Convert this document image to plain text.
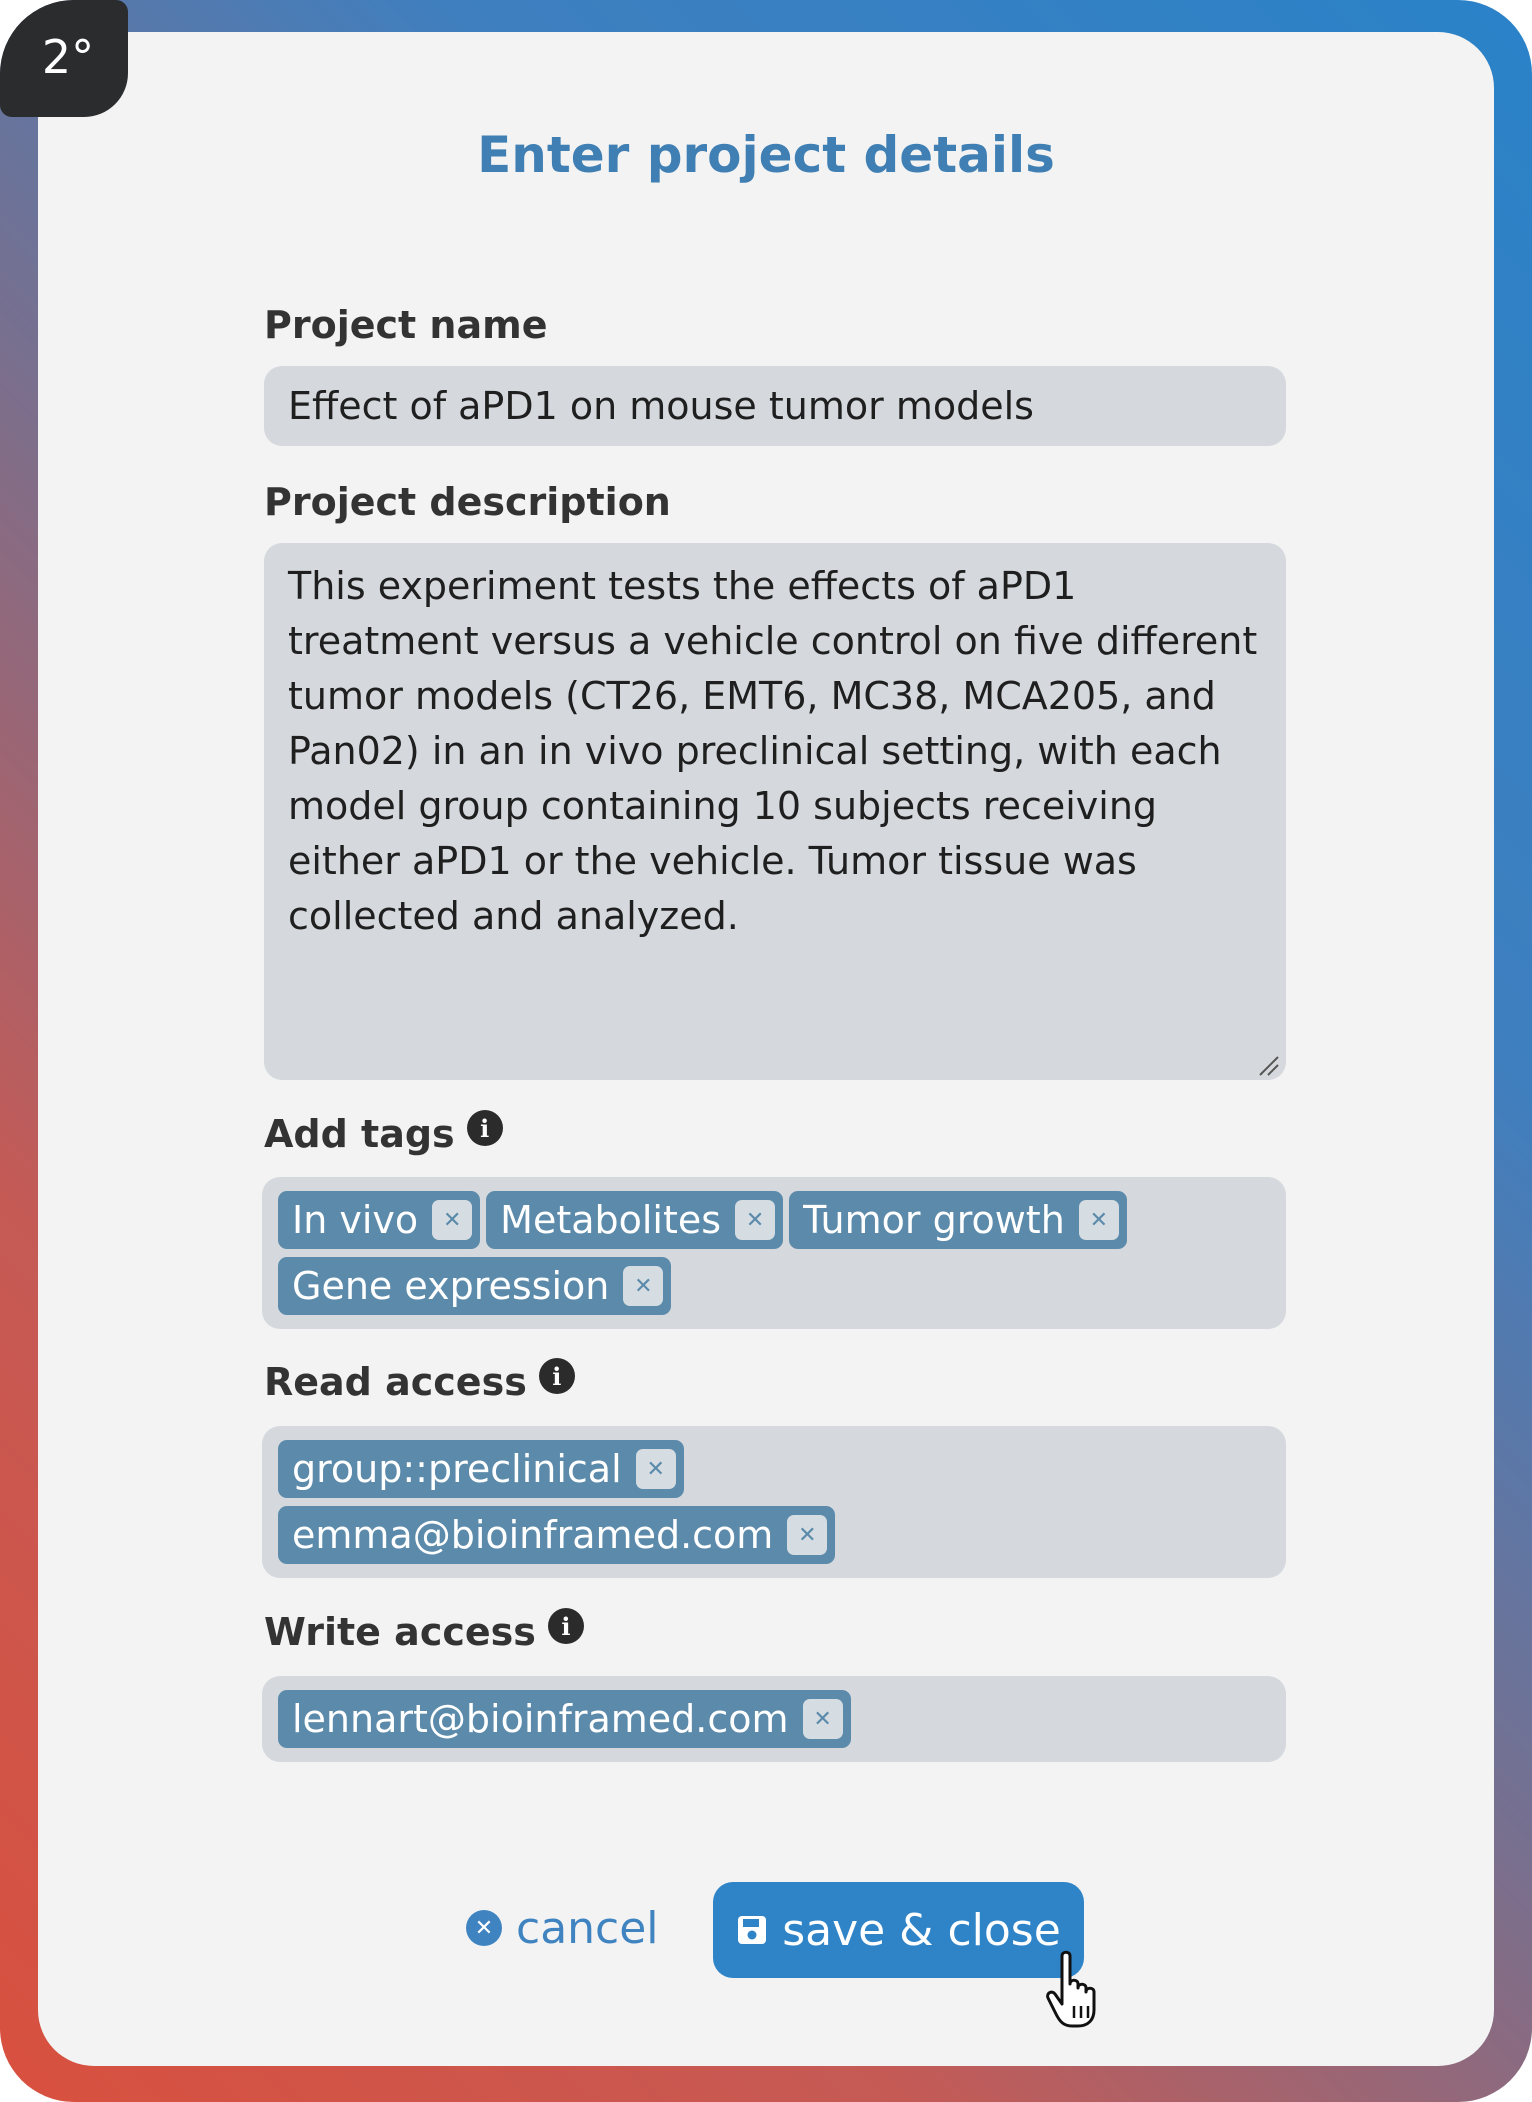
2°
Enter project details
Project name
Effect of aPD1 on mouse tumor models
Project description
This experiment tests the effects of aPD1 treatment versus a vehicle control on five different tumor models (CT26, EMT6, MC38, MCA205, and Pan02) in an in vivo preclinical setting, with each model group containing 10 subjects receiving either aPD1 or the vehicle. Tumor tissue was collected and analyzed.
Add tags	i
In vivo	✕ Metabolites	✕ Tumor growth	✕
Gene expression	✕
Read access	i
group::preclinical	✕
emma@bioinframed.com	✕
Write access	i
lennart@bioinframed.com	✕
✕ cancel	save & close
